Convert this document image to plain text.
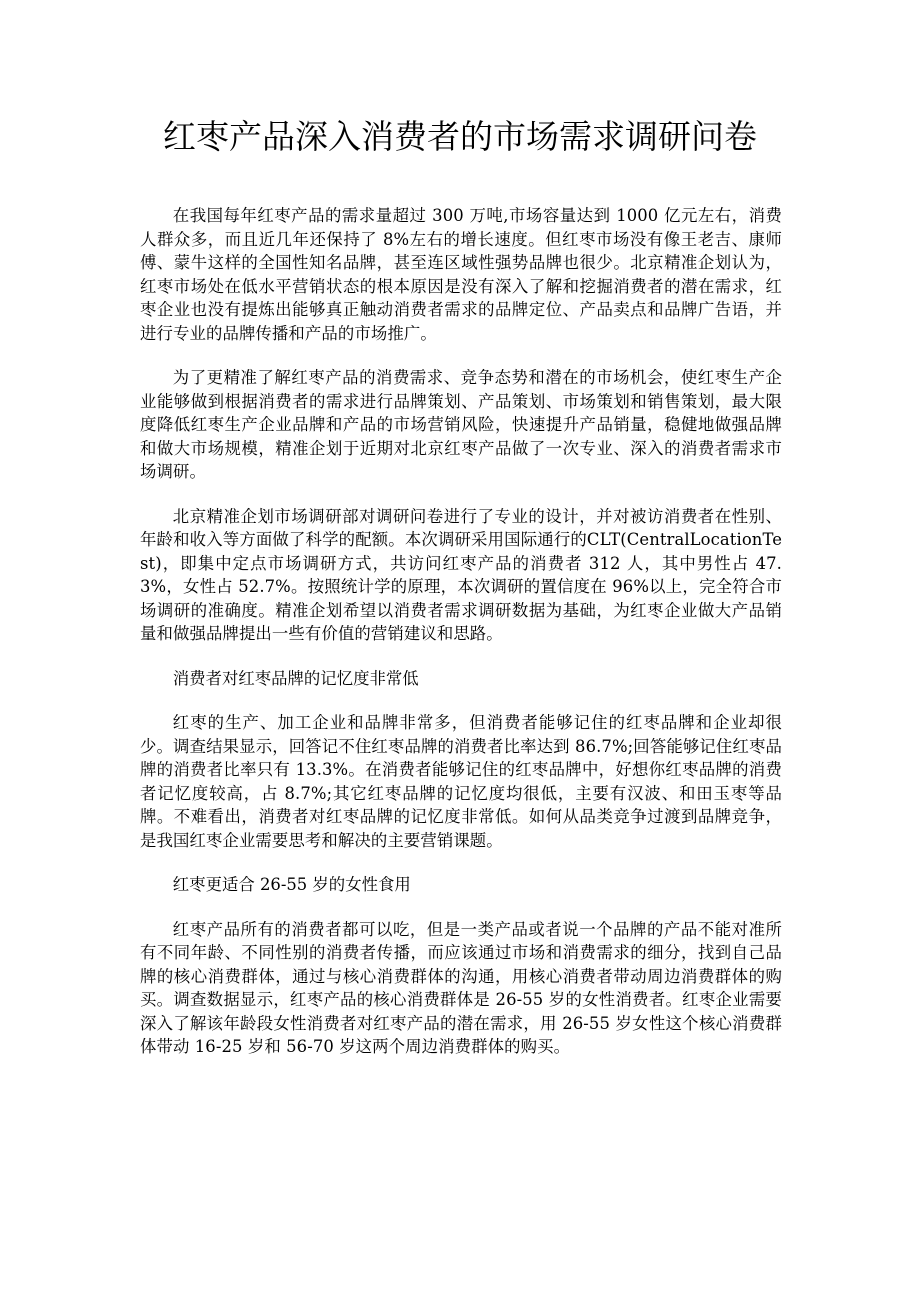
红枣产品深入消费者的市场需求调研问卷

在我国每年红枣产品的需求量超过 300 万吨,市场容量达到 1000 亿元左右，消费人群众多，而且近几年还保持了 8%左右的增长速度。但红枣市场没有像王老吉、康师傅、蒙牛这样的全国性知名品牌，甚至连区域性强势品牌也很少。北京精准企划认为，红枣市场处在低水平营销状态的根本原因是没有深入了解和挖掘消费者的潜在需求，红枣企业也没有提炼出能够真正触动消费者需求的品牌定位、产品卖点和品牌广告语，并进行专业的品牌传播和产品的市场推广。

为了更精准了解红枣产品的消费需求、竞争态势和潜在的市场机会，使红枣生产企业能够做到根据消费者的需求进行品牌策划、产品策划、市场策划和销售策划，最大限度降低红枣生产企业品牌和产品的市场营销风险，快速提升产品销量，稳健地做强品牌和做大市场规模，精准企划于近期对北京红枣产品做了一次专业、深入的消费者需求市场调研。

北京精准企划市场调研部对调研问卷进行了专业的设计，并对被访消费者在性别、年龄和收入等方面做了科学的配额。本次调研采用国际通行的CLT(CentralLocationTest)，即集中定点市场调研方式，共访问红枣产品的消费者 312 人，其中男性占 47.3%，女性占 52.7%。按照统计学的原理，本次调研的置信度在 96%以上，完全符合市场调研的准确度。精准企划希望以消费者需求调研数据为基础，为红枣企业做大产品销量和做强品牌提出一些有价值的营销建议和思路。

消费者对红枣品牌的记忆度非常低

红枣的生产、加工企业和品牌非常多，但消费者能够记住的红枣品牌和企业却很少。调查结果显示，回答记不住红枣品牌的消费者比率达到 86.7%;回答能够记住红枣品牌的消费者比率只有 13.3%。在消费者能够记住的红枣品牌中，好想你红枣品牌的消费者记忆度较高，占 8.7%;其它红枣品牌的记忆度均很低，主要有汉波、和田玉枣等品牌。不难看出，消费者对红枣品牌的记忆度非常低。如何从品类竞争过渡到品牌竞争，是我国红枣企业需要思考和解决的主要营销课题。

红枣更适合 26-55 岁的女性食用

红枣产品所有的消费者都可以吃，但是一类产品或者说一个品牌的产品不能对准所有不同年龄、不同性别的消费者传播，而应该通过市场和消费需求的细分，找到自己品牌的核心消费群体，通过与核心消费群体的沟通，用核心消费者带动周边消费群体的购买。调查数据显示，红枣产品的核心消费群体是 26-55 岁的女性消费者。红枣企业需要深入了解该年龄段女性消费者对红枣产品的潜在需求，用 26-55 岁女性这个核心消费群体带动 16-25 岁和 56-70 岁这两个周边消费群体的购买。
